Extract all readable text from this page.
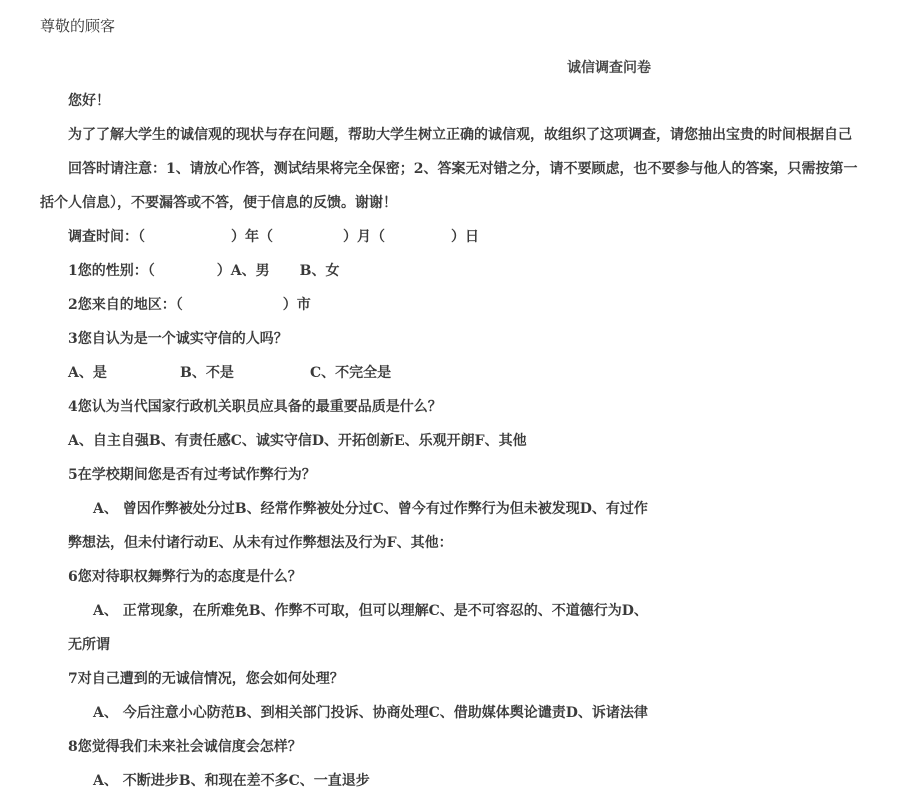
尊敬的顾客
诚信调查问卷
您好！
为了了解大学生的诚信观的现状与存在问题，帮助大学生树立正确的诚信观，故组织了这项调查，请您抽出宝贵的时间根据自己
回答时请注意：1、请放心作答，测试结果将完全保密；2、答案无对错之分，请不要顾虑，也不要参与他人的答案，只需按第一
括个人信息），不要漏答或不答，便于信息的反馈。谢谢！
调查时间：（	）年（	）月（	）日
1您的性别：（	）A、男 B、女
2您来自的地区：（	）市
3您自认为是一个诚实守信的人吗？
A、是	B、不是	C、不完全是
4您认为当代国家行政机关职员应具备的最重要品质是什么？
A、自主自强B、有责任感C、诚实守信D、开拓创新E、乐观开朗F、其他
5在学校期间您是否有过考试作弊行为？
A、 曾因作弊被处分过B、经常作弊被处分过C、曾今有过作弊行为但未被发现D、有过作
弊想法，但未付诸行动E、从未有过作弊想法及行为F、其他：
6您对待职权舞弊行为的态度是什么？
A、 正常现象，在所难免B、作弊不可取，但可以理解C、是不可容忍的、不道德行为D、
无所谓
7对自己遭到的无诚信情况，您会如何处理？
A、 今后注意小心防范B、到相关部门投诉、协商处理C、借助媒体舆论谴责D、诉诸法律
8您觉得我们未来社会诚信度会怎样？
A、 不断进步B、和现在差不多C、一直退步
